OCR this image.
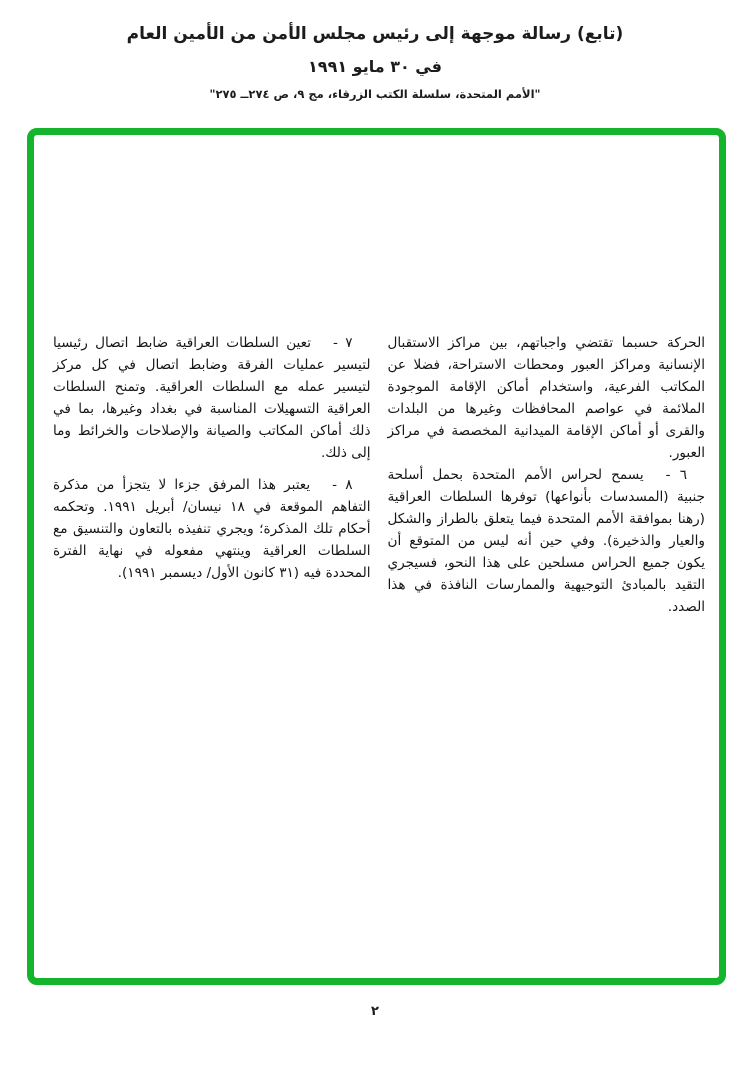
(تابع) رسالة موجهة إلى رئيس مجلس الأمن من الأمين العام
في ٣٠ مايو ١٩٩١
"الأمم المتحدة، سلسلة الكتب الزرقاء، مج ٩، ص ٢٧٤ــ ٢٧٥"

الحركة حسبما تقتضي واجباتهم، بين مراكز الاستقبال الإنسانية ومراكز العبور ومحطات الاستراحة، فضلا عن المكاتب الفرعية، واستخدام أماكن الإقامة الموجودة الملائمة في عواصم المحافظات وغيرها من البلدات والقرى أو أماكن الإقامة الميدانية المخصصة في مراكز العبور.

٦ -يسمح لحراس الأمم المتحدة بحمل أسلحة جنبية (المسدسات بأنواعها) توفرها السلطات العراقية (رهنا بموافقة الأمم المتحدة فيما يتعلق بالطراز والشكل والعيار والذخيرة). وفي حين أنه ليس من المتوقع أن يكون جميع الحراس مسلحين على هذا النحو، فسيجري التقيد بالمبادئ التوجيهية والممارسات النافذة في هذا الصدد.

٧ -تعين السلطات العراقية ضابط اتصال رئيسيا لتيسير عمليات الفرقة وضابط اتصال في كل مركز لتيسير عمله مع السلطات العراقية. وتمنح السلطات العراقية التسهيلات المناسبة في بغداد وغيرها، بما في ذلك أماكن المكاتب والصيانة والإصلاحات والخرائط وما إلى ذلك.

٨ -يعتبر هذا المرفق جزءا لا يتجزأ من مذكرة التفاهم الموقعة في ١٨ نيسان/ أبريل ١٩٩١. وتحكمه أحكام تلك المذكرة؛ ويجري تنفيذه بالتعاون والتنسيق مع السلطات العراقية وينتهي مفعوله في نهاية الفترة المحددة فيه (٣١ كانون الأول/ ديسمبر ١٩٩١).

٢
